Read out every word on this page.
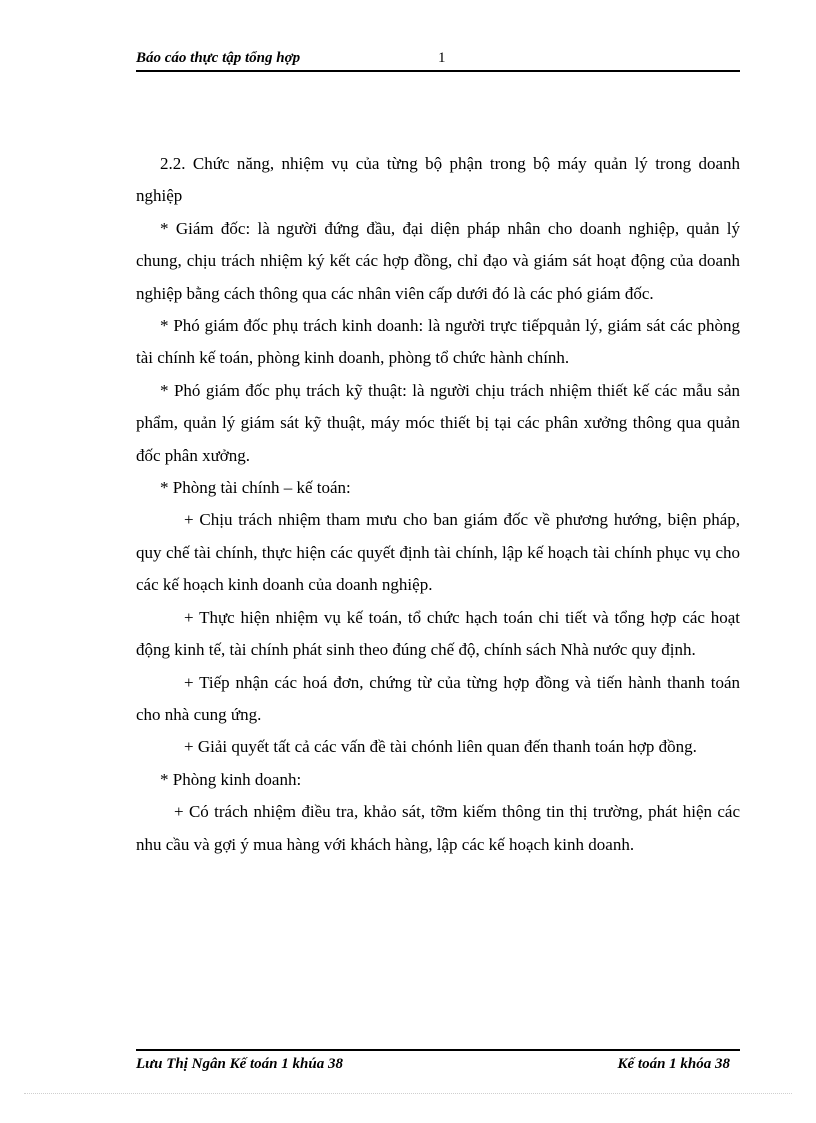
Báo cáo thực tập tổng hợp	1

2.2. Chức năng, nhiệm vụ của từng bộ phận trong bộ máy quản lý trong doanh nghiệp

* Giám đốc: là người đứng đầu, đại diện pháp nhân cho doanh nghiệp, quản lý chung, chịu trách nhiệm ký kết các hợp đồng, chỉ đạo và giám sát hoạt động của doanh nghiệp bằng cách thông qua các nhân viên cấp dưới đó là các phó giám đốc.

* Phó giám đốc phụ trách kinh doanh: là người trực tiếpquản lý, giám sát các phòng tài chính kế toán, phòng kinh doanh, phòng tổ chức hành chính.

* Phó giám đốc phụ trách kỹ thuật: là người chịu trách nhiệm thiết kế các mẫu sản phẩm, quản lý giám sát kỹ thuật, máy móc thiết bị tại các phân xưởng thông qua quản đốc phân xưởng.

* Phòng tài chính – kế toán:

+ Chịu trách nhiệm tham mưu cho ban giám đốc về phương hướng, biện pháp, quy chế tài chính, thực hiện các quyết định tài chính, lập kế hoạch tài chính phục vụ cho các kế hoạch kinh doanh của doanh nghiệp.

+ Thực hiện nhiệm vụ kế toán, tổ chức hạch toán chi tiết và tổng hợp các hoạt động kinh tế, tài chính phát sinh theo đúng chế độ, chính sách Nhà nước quy định.

+ Tiếp nhận các hoá đơn, chứng từ của từng hợp đồng và tiến hành thanh toán cho nhà cung ứng.

+ Giải quyết tất cả các vấn đề tài chónh liên quan đến thanh toán hợp đồng.

* Phòng kinh doanh:

+ Có trách nhiệm điều tra, khảo sát, tỡm kiếm thông tin thị trường, phát hiện các nhu cầu và gợi ý mua hàng với khách hàng, lập các kế hoạch kinh doanh.

Lưu Thị Ngân Kế toán 1 khúa 38	Kế toán 1 khóa 38
